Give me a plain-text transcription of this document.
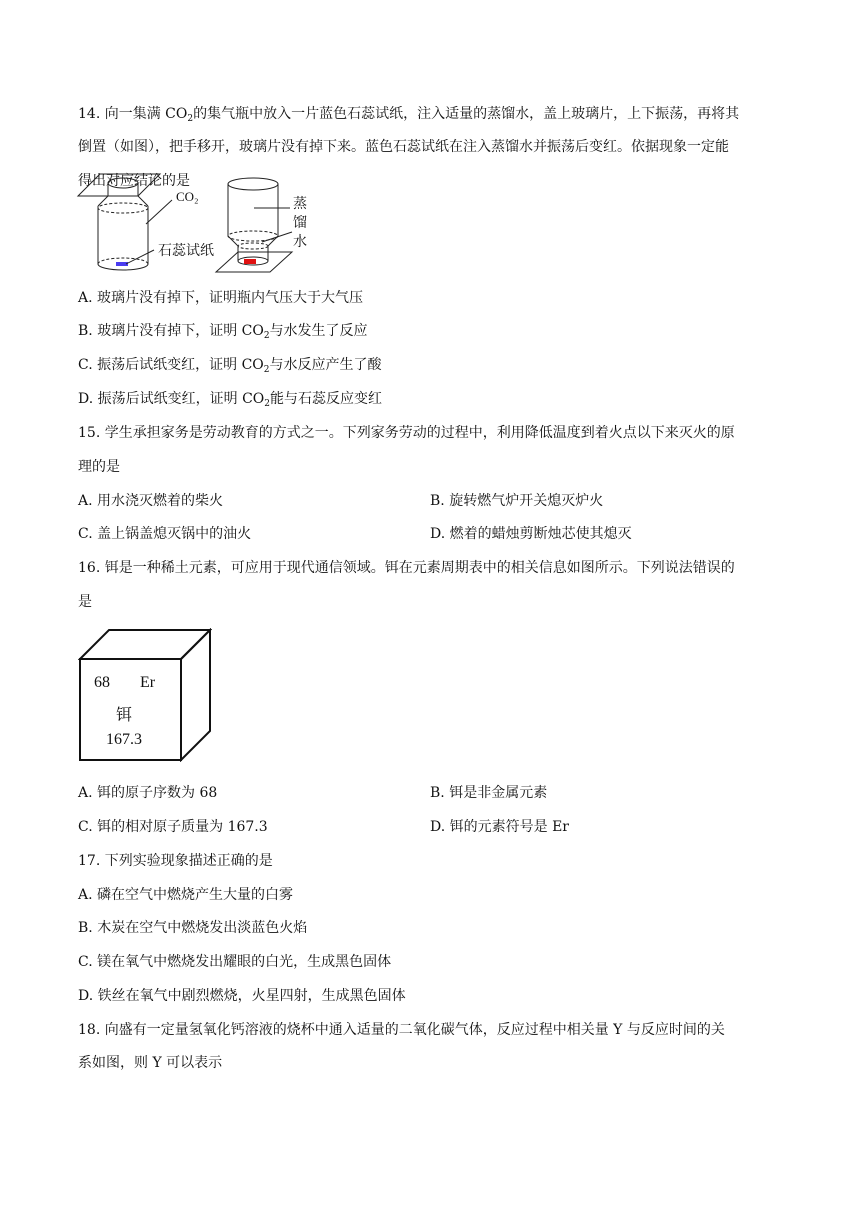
14. 向一集满 $CO_2$的集气瓶中放入一片蓝色石蕊试纸，注入适量的蒸馏水，盖上玻璃片，上下振荡，再将其
倒置（如图），把手移开，玻璃片没有掉下来。蓝色石蕊试纸在注入蒸馏水并振荡后变红。依据现象一定能
得出对应结论的是
CO₂
石蕊试纸
蒸
馏
水
A. 玻璃片没有掉下，证明瓶内气压大于大气压
B. 玻璃片没有掉下，证明 $CO_2$与水发生了反应
C. 振荡后试纸变红，证明 $CO_2$与水反应产生了酸
D. 振荡后试纸变红，证明 $CO_2$能与石蕊反应变红
15. 学生承担家务是劳动教育的方式之一。下列家务劳动的过程中，利用降低温度到着火点以下来灭火的原
理的是
A. 用水浇灭燃着的柴火	B. 旋转燃气炉开关熄灭炉火
C. 盖上锅盖熄灭锅中的油火	D. 燃着的蜡烛剪断烛芯使其熄灭
16. 铒是一种稀土元素，可应用于现代通信领域。铒在元素周期表中的相关信息如图所示。下列说法错误的
是
68 Er
铒
167.3
A. 铒的原子序数为 68	B. 铒是非金属元素
C. 铒的相对原子质量为 167.3	D. 铒的元素符号是 Er
17. 下列实验现象描述正确的是
A. 磷在空气中燃烧产生大量的白雾
B. 木炭在空气中燃烧发出淡蓝色火焰
C. 镁在氧气中燃烧发出耀眼的白光，生成黑色固体
D. 铁丝在氧气中剧烈燃烧，火星四射，生成黑色固体
18. 向盛有一定量氢氧化钙溶液的烧杯中通入适量的二氧化碳气体，反应过程中相关量 Y 与反应时间的关
系如图，则 Y 可以表示
